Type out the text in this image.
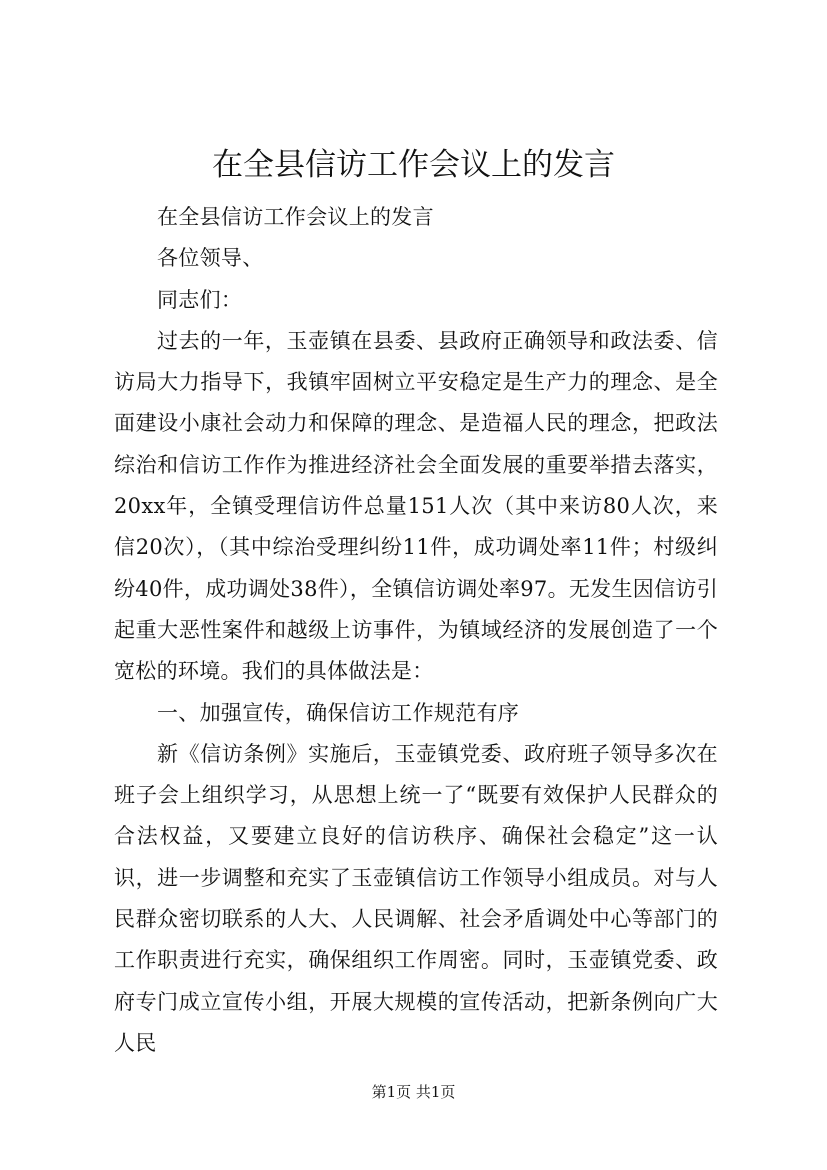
在全县信访工作会议上的发言

在全县信访工作会议上的发言

各位领导、

同志们：

过去的一年，玉壶镇在县委、县政府正确领导和政法委、信访局大力指导下，我镇牢固树立平安稳定是生产力的理念、是全面建设小康社会动力和保障的理念、是造福人民的理念，把政法综治和信访工作作为推进经济社会全面发展的重要举措去落实，20xx年，全镇受理信访件总量151人次（其中来访80人次，来信20次），（其中综治受理纠纷11件，成功调处率11件；村级纠纷40件，成功调处38件），全镇信访调处率97。无发生因信访引起重大恶性案件和越级上访事件，为镇域经济的发展创造了一个宽松的环境。我们的具体做法是：

一、加强宣传，确保信访工作规范有序

新《信访条例》实施后，玉壶镇党委、政府班子领导多次在班子会上组织学习，从思想上统一了“既要有效保护人民群众的合法权益，又要建立良好的信访秩序、确保社会稳定”这一认识，进一步调整和充实了玉壶镇信访工作领导小组成员。对与人民群众密切联系的人大、人民调解、社会矛盾调处中心等部门的工作职责进行充实，确保组织工作周密。同时，玉壶镇党委、政府专门成立宣传小组，开展大规模的宣传活动，把新条例向广大人民

第1页 共1页
